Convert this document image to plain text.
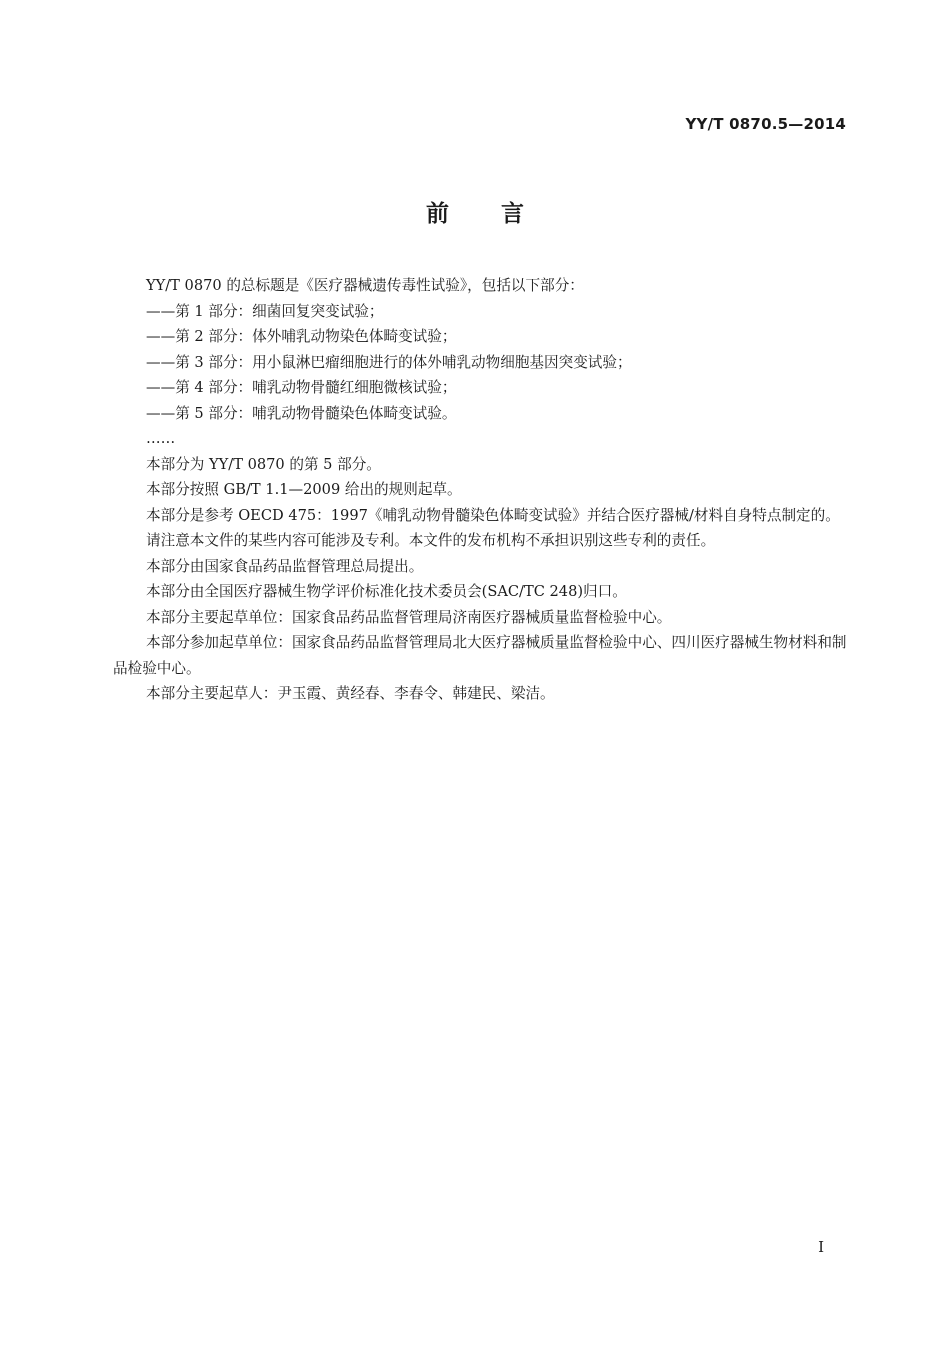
YY/T 0870.5—2014
前 言

YY/T 0870 的总标题是《医疗器械遗传毒性试验》，包括以下部分：

——第 1 部分：细菌回复突变试验；

——第 2 部分：体外哺乳动物染色体畸变试验；

——第 3 部分：用小鼠淋巴瘤细胞进行的体外哺乳动物细胞基因突变试验；

——第 4 部分：哺乳动物骨髓红细胞微核试验；

——第 5 部分：哺乳动物骨髓染色体畸变试验。

……

本部分为 YY/T 0870 的第 5 部分。

本部分按照 GB/T 1.1—2009 给出的规则起草。

本部分是参考 OECD 475：1997《哺乳动物骨髓染色体畸变试验》并结合医疗器械/材料自身特点制定的。

请注意本文件的某些内容可能涉及专利。本文件的发布机构不承担识别这些专利的责任。

本部分由国家食品药品监督管理总局提出。

本部分由全国医疗器械生物学评价标准化技术委员会(SAC/TC 248)归口。

本部分主要起草单位：国家食品药品监督管理局济南医疗器械质量监督检验中心。

本部分参加起草单位：国家食品药品监督管理局北大医疗器械质量监督检验中心、四川医疗器械生物材料和制品检验中心。

本部分主要起草人：尹玉霞、黄经春、李春令、韩建民、梁洁。

I
